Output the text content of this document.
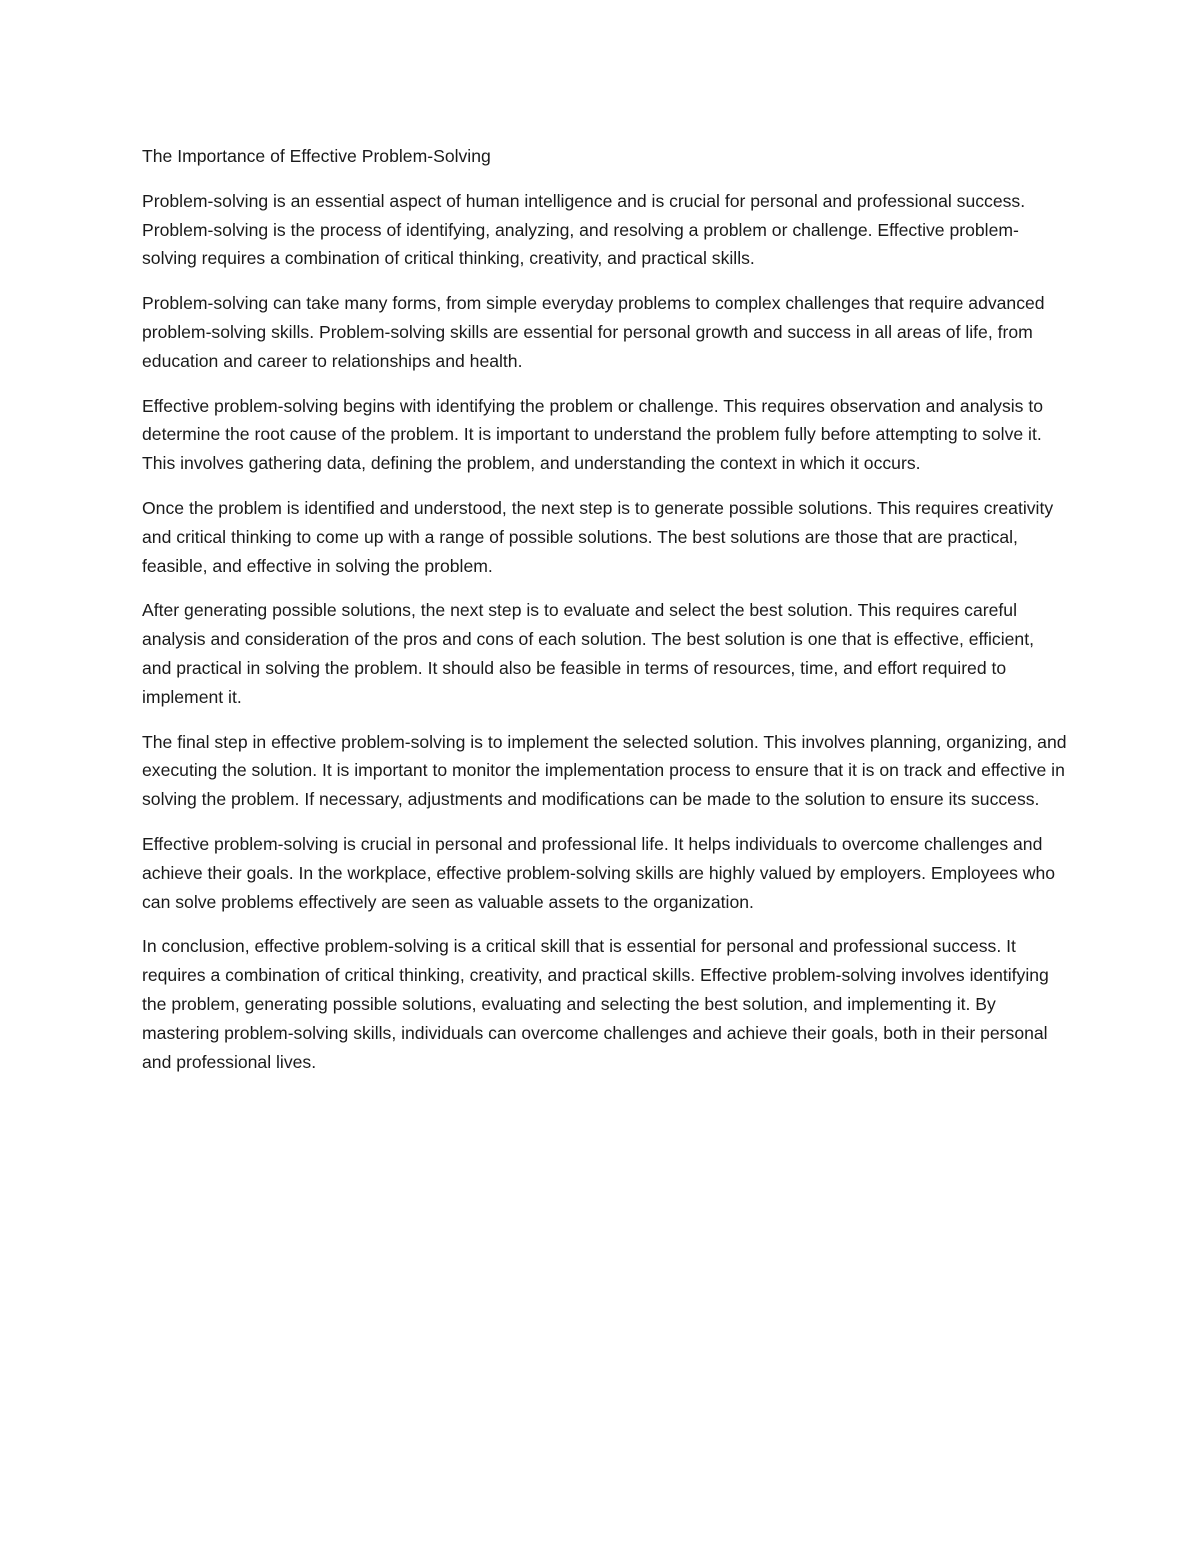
The Importance of Effective Problem-Solving

Problem-solving is an essential aspect of human intelligence and is crucial for personal and professional success. Problem-solving is the process of identifying, analyzing, and resolving a problem or challenge. Effective problem-solving requires a combination of critical thinking, creativity, and practical skills.

Problem-solving can take many forms, from simple everyday problems to complex challenges that require advanced problem-solving skills. Problem-solving skills are essential for personal growth and success in all areas of life, from education and career to relationships and health.

Effective problem-solving begins with identifying the problem or challenge. This requires observation and analysis to determine the root cause of the problem. It is important to understand the problem fully before attempting to solve it. This involves gathering data, defining the problem, and understanding the context in which it occurs.

Once the problem is identified and understood, the next step is to generate possible solutions. This requires creativity and critical thinking to come up with a range of possible solutions. The best solutions are those that are practical, feasible, and effective in solving the problem.

After generating possible solutions, the next step is to evaluate and select the best solution. This requires careful analysis and consideration of the pros and cons of each solution. The best solution is one that is effective, efficient, and practical in solving the problem. It should also be feasible in terms of resources, time, and effort required to implement it.

The final step in effective problem-solving is to implement the selected solution. This involves planning, organizing, and executing the solution. It is important to monitor the implementation process to ensure that it is on track and effective in solving the problem. If necessary, adjustments and modifications can be made to the solution to ensure its success.

Effective problem-solving is crucial in personal and professional life. It helps individuals to overcome challenges and achieve their goals. In the workplace, effective problem-solving skills are highly valued by employers. Employees who can solve problems effectively are seen as valuable assets to the organization.

In conclusion, effective problem-solving is a critical skill that is essential for personal and professional success. It requires a combination of critical thinking, creativity, and practical skills. Effective problem-solving involves identifying the problem, generating possible solutions, evaluating and selecting the best solution, and implementing it. By mastering problem-solving skills, individuals can overcome challenges and achieve their goals, both in their personal and professional lives.
